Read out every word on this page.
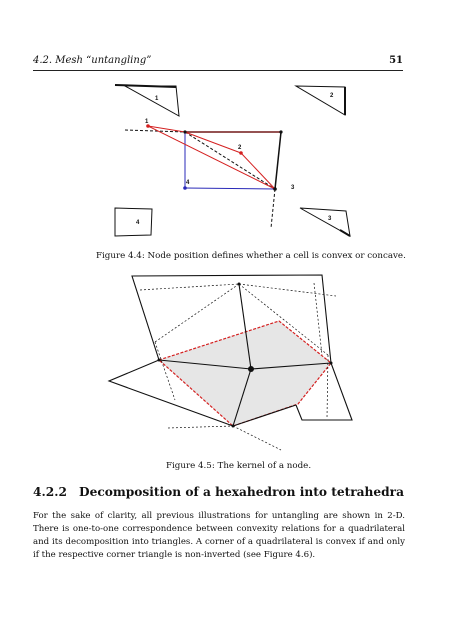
4.2. Mesh “untangling”	51
1	2
3
4
1
2
3
4
Figure 4.4: Node position defines whether a cell is convex or concave.
Figure 4.5: The kernel of a node.
4.2.2 Decomposition of a hexahedron into tetrahedra
For the sake of clarity, all previous illustrations for untangling are shown in 2-D. There is one-to-one correspondence between convexity relations for a quadrilateral and its decomposition into triangles. A corner of a quadrilateral is convex if and only if the respective corner triangle is non-inverted (see Figure 4.6).
